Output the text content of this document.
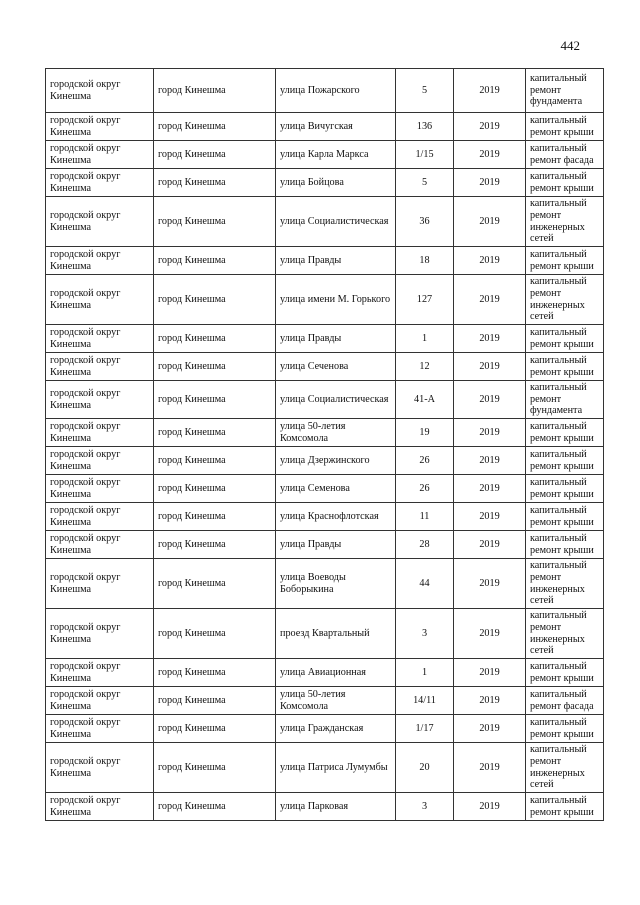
442
городской округ Кинешма	город Кинешма	улица Пожарского	5	2019	капитальный ремонт фундамента
городской округ Кинешма	город Кинешма	улица Вичугская	136	2019	капитальный ремонт крыши
городской округ Кинешма	город Кинешма	улица Карла Маркса	1/15	2019	капитальный ремонт фасада
городской округ Кинешма	город Кинешма	улица Бойцова	5	2019	капитальный ремонт крыши
городской округ Кинешма	город Кинешма	улица Социалистическая	36	2019	капитальный ремонт инженерных сетей
городской округ Кинешма	город Кинешма	улица Правды	18	2019	капитальный ремонт крыши
городской округ Кинешма	город Кинешма	улица имени М. Горького	127	2019	капитальный ремонт инженерных сетей
городской округ Кинешма	город Кинешма	улица Правды	1	2019	капитальный ремонт крыши
городской округ Кинешма	город Кинешма	улица Сеченова	12	2019	капитальный ремонт крыши
городской округ Кинешма	город Кинешма	улица Социалистическая	41-А	2019	капитальный ремонт фундамента
городской округ Кинешма	город Кинешма	улица 50-летия Комсомола	19	2019	капитальный ремонт крыши
городской округ Кинешма	город Кинешма	улица Дзержинского	26	2019	капитальный ремонт крыши
городской округ Кинешма	город Кинешма	улица Семенова	26	2019	капитальный ремонт крыши
городской округ Кинешма	город Кинешма	улица Краснофлотская	11	2019	капитальный ремонт крыши
городской округ Кинешма	город Кинешма	улица Правды	28	2019	капитальный ремонт крыши
городской округ Кинешма	город Кинешма	улица Воеводы Боборыкина	44	2019	капитальный ремонт инженерных сетей
городской округ Кинешма	город Кинешма	проезд Квартальный	3	2019	капитальный ремонт инженерных сетей
городской округ Кинешма	город Кинешма	улица Авиационная	1	2019	капитальный ремонт крыши
городской округ Кинешма	город Кинешма	улица 50-летия Комсомола	14/11	2019	капитальный ремонт фасада
городской округ Кинешма	город Кинешма	улица Гражданская	1/17	2019	капитальный ремонт крыши
городской округ Кинешма	город Кинешма	улица Патриса Лумумбы	20	2019	капитальный ремонт инженерных сетей
городской округ Кинешма	город Кинешма	улица Парковая	3	2019	капитальный ремонт крыши
